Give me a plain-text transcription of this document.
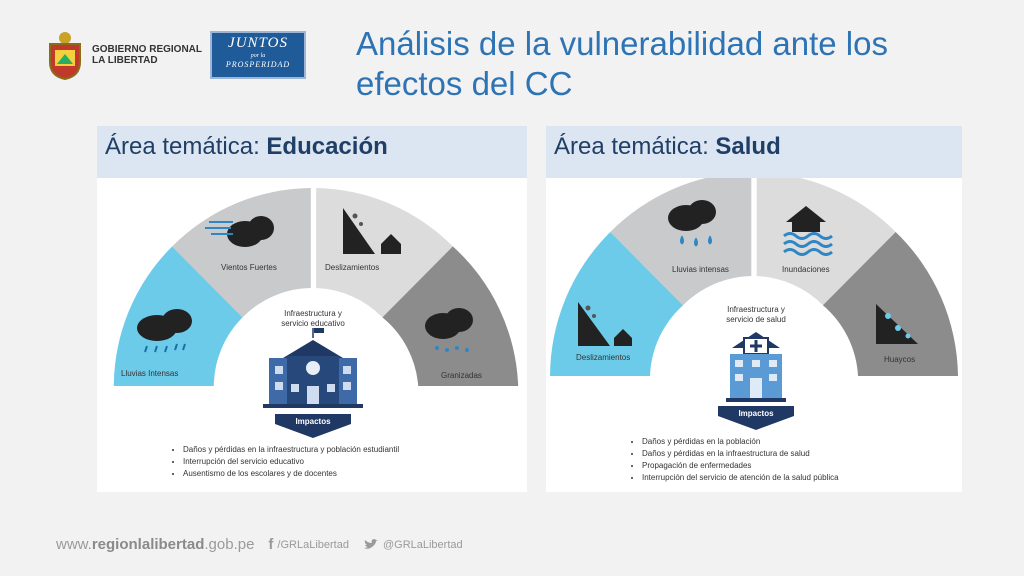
GOBIERNO REGIONAL
LA LIBERTAD
JUNTOS
por la
PROSPERIDAD
Análisis de la vulnerabilidad ante los efectos del CC
Área temática: Educación
Lluvias Intensas
Vientos Fuertes	Deslizamientos
Granizadas
Infraestructura y
servicio educativo
Impactos
• Daños y pérdidas en la infraestructura y población estudiantil
• Interrupción del servicio educativo
• Ausentismo de los escolares y de docentes
Área temática: Salud
Deslizamientos
Lluvias intensas	Inundaciones
Huaycos
Infraestructura y
servicio de salud
Impactos
• Daños y pérdidas en la población
• Daños y pérdidas en la infraestructura de salud
• Propagación de enfermedades
• Interrupción del servicio de atención de la salud pública
www.regionlalibertad.gob.pe f /GRLaLibertad	@GRLaLibertad
